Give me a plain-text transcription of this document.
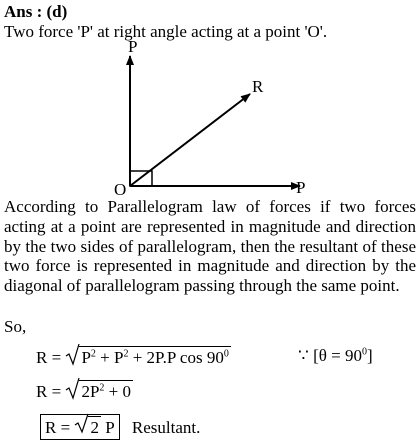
Ans : (d)
Two force 'P' at right angle acting at a point 'O'.
P
P
R
O
According to Parallelogram law of forces if two forces acting at a point are represented in magnitude and direction by the two sides of parallelogram, then the resultant of these two force is represented in magnitude and direction by the diagonal of parallelogram passing through the same point.
So,
$R = P^2 + P^2 + 2P.P$ $\cos 90^0$	∵ $[\theta = 90^0]$
$R = 2P^2 + 0$
R = 2 P Resultant.
